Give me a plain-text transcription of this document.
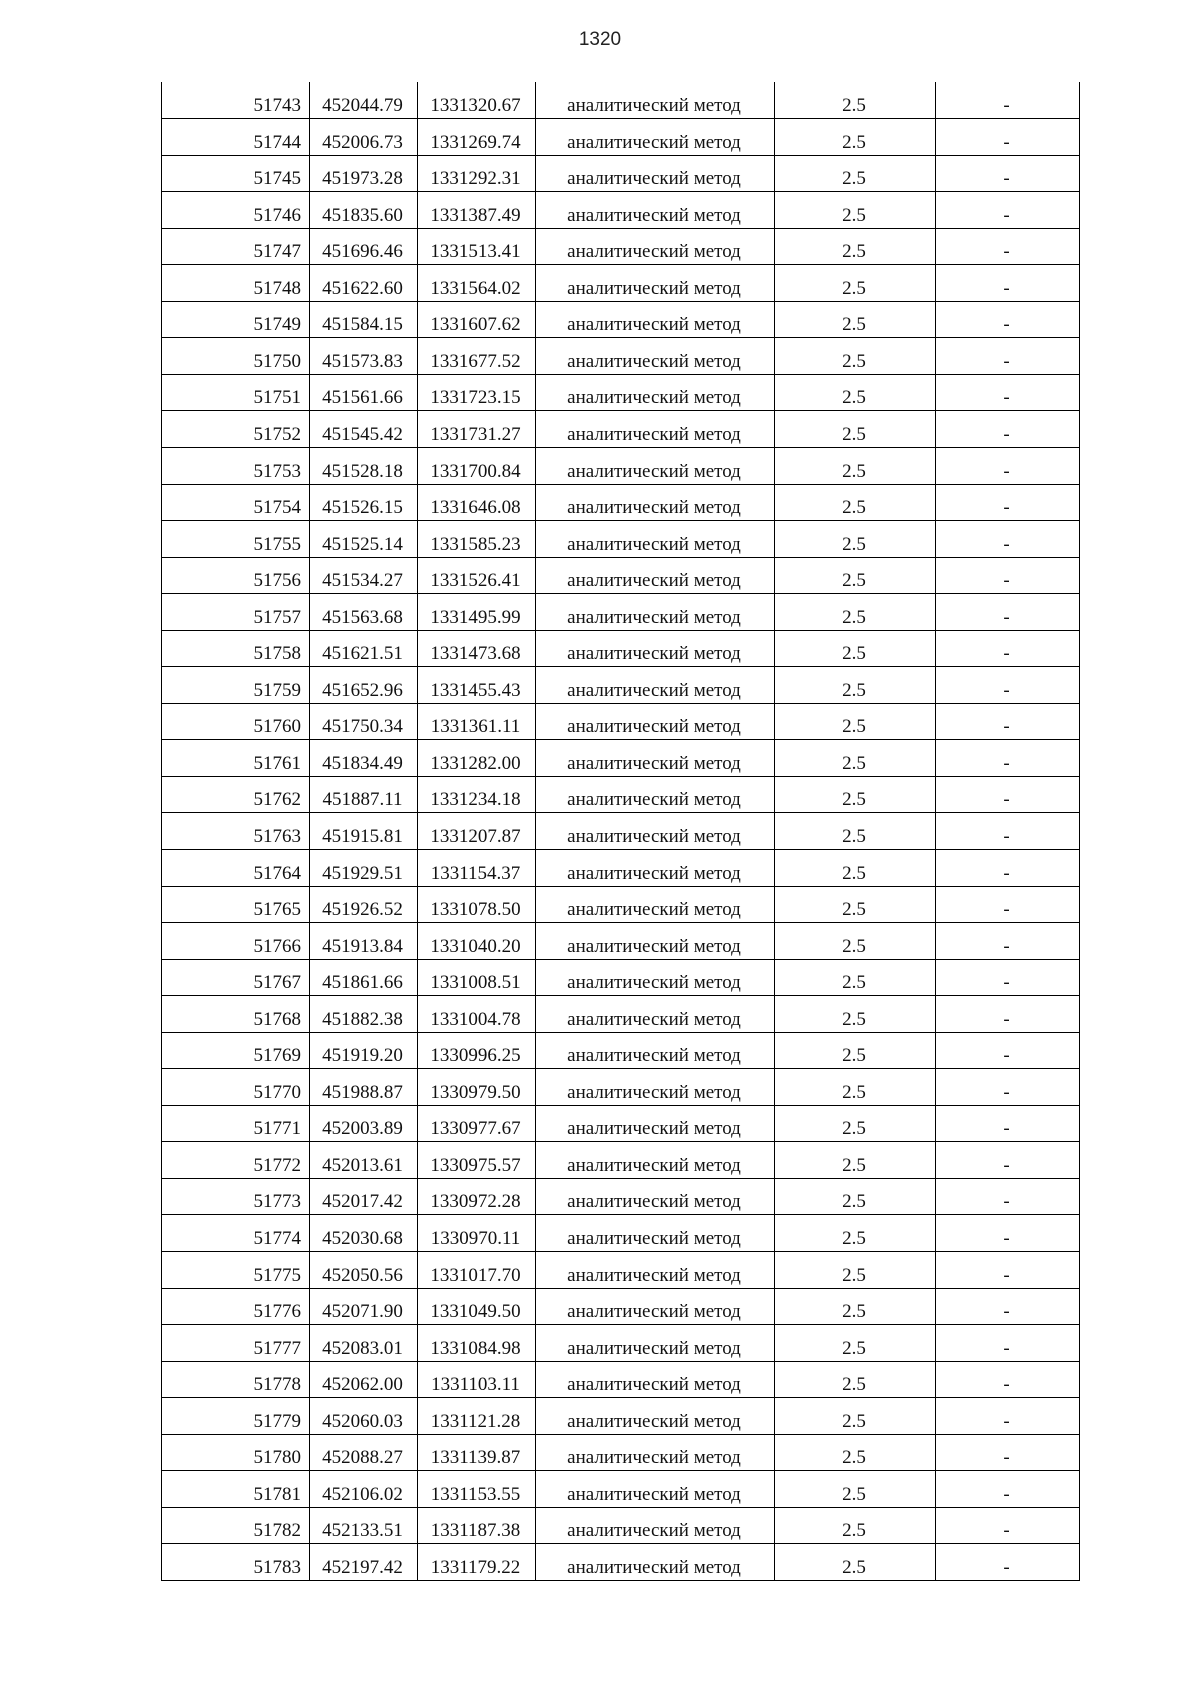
1320
51743	452044.79	1331320.67	аналитический метод	2.5	-
51744	452006.73	1331269.74	аналитический метод	2.5	-
51745	451973.28	1331292.31	аналитический метод	2.5	-
51746	451835.60	1331387.49	аналитический метод	2.5	-
51747	451696.46	1331513.41	аналитический метод	2.5	-
51748	451622.60	1331564.02	аналитический метод	2.5	-
51749	451584.15	1331607.62	аналитический метод	2.5	-
51750	451573.83	1331677.52	аналитический метод	2.5	-
51751	451561.66	1331723.15	аналитический метод	2.5	-
51752	451545.42	1331731.27	аналитический метод	2.5	-
51753	451528.18	1331700.84	аналитический метод	2.5	-
51754	451526.15	1331646.08	аналитический метод	2.5	-
51755	451525.14	1331585.23	аналитический метод	2.5	-
51756	451534.27	1331526.41	аналитический метод	2.5	-
51757	451563.68	1331495.99	аналитический метод	2.5	-
51758	451621.51	1331473.68	аналитический метод	2.5	-
51759	451652.96	1331455.43	аналитический метод	2.5	-
51760	451750.34	1331361.11	аналитический метод	2.5	-
51761	451834.49	1331282.00	аналитический метод	2.5	-
51762	451887.11	1331234.18	аналитический метод	2.5	-
51763	451915.81	1331207.87	аналитический метод	2.5	-
51764	451929.51	1331154.37	аналитический метод	2.5	-
51765	451926.52	1331078.50	аналитический метод	2.5	-
51766	451913.84	1331040.20	аналитический метод	2.5	-
51767	451861.66	1331008.51	аналитический метод	2.5	-
51768	451882.38	1331004.78	аналитический метод	2.5	-
51769	451919.20	1330996.25	аналитический метод	2.5	-
51770	451988.87	1330979.50	аналитический метод	2.5	-
51771	452003.89	1330977.67	аналитический метод	2.5	-
51772	452013.61	1330975.57	аналитический метод	2.5	-
51773	452017.42	1330972.28	аналитический метод	2.5	-
51774	452030.68	1330970.11	аналитический метод	2.5	-
51775	452050.56	1331017.70	аналитический метод	2.5	-
51776	452071.90	1331049.50	аналитический метод	2.5	-
51777	452083.01	1331084.98	аналитический метод	2.5	-
51778	452062.00	1331103.11	аналитический метод	2.5	-
51779	452060.03	1331121.28	аналитический метод	2.5	-
51780	452088.27	1331139.87	аналитический метод	2.5	-
51781	452106.02	1331153.55	аналитический метод	2.5	-
51782	452133.51	1331187.38	аналитический метод	2.5	-
51783	452197.42	1331179.22	аналитический метод	2.5	-
